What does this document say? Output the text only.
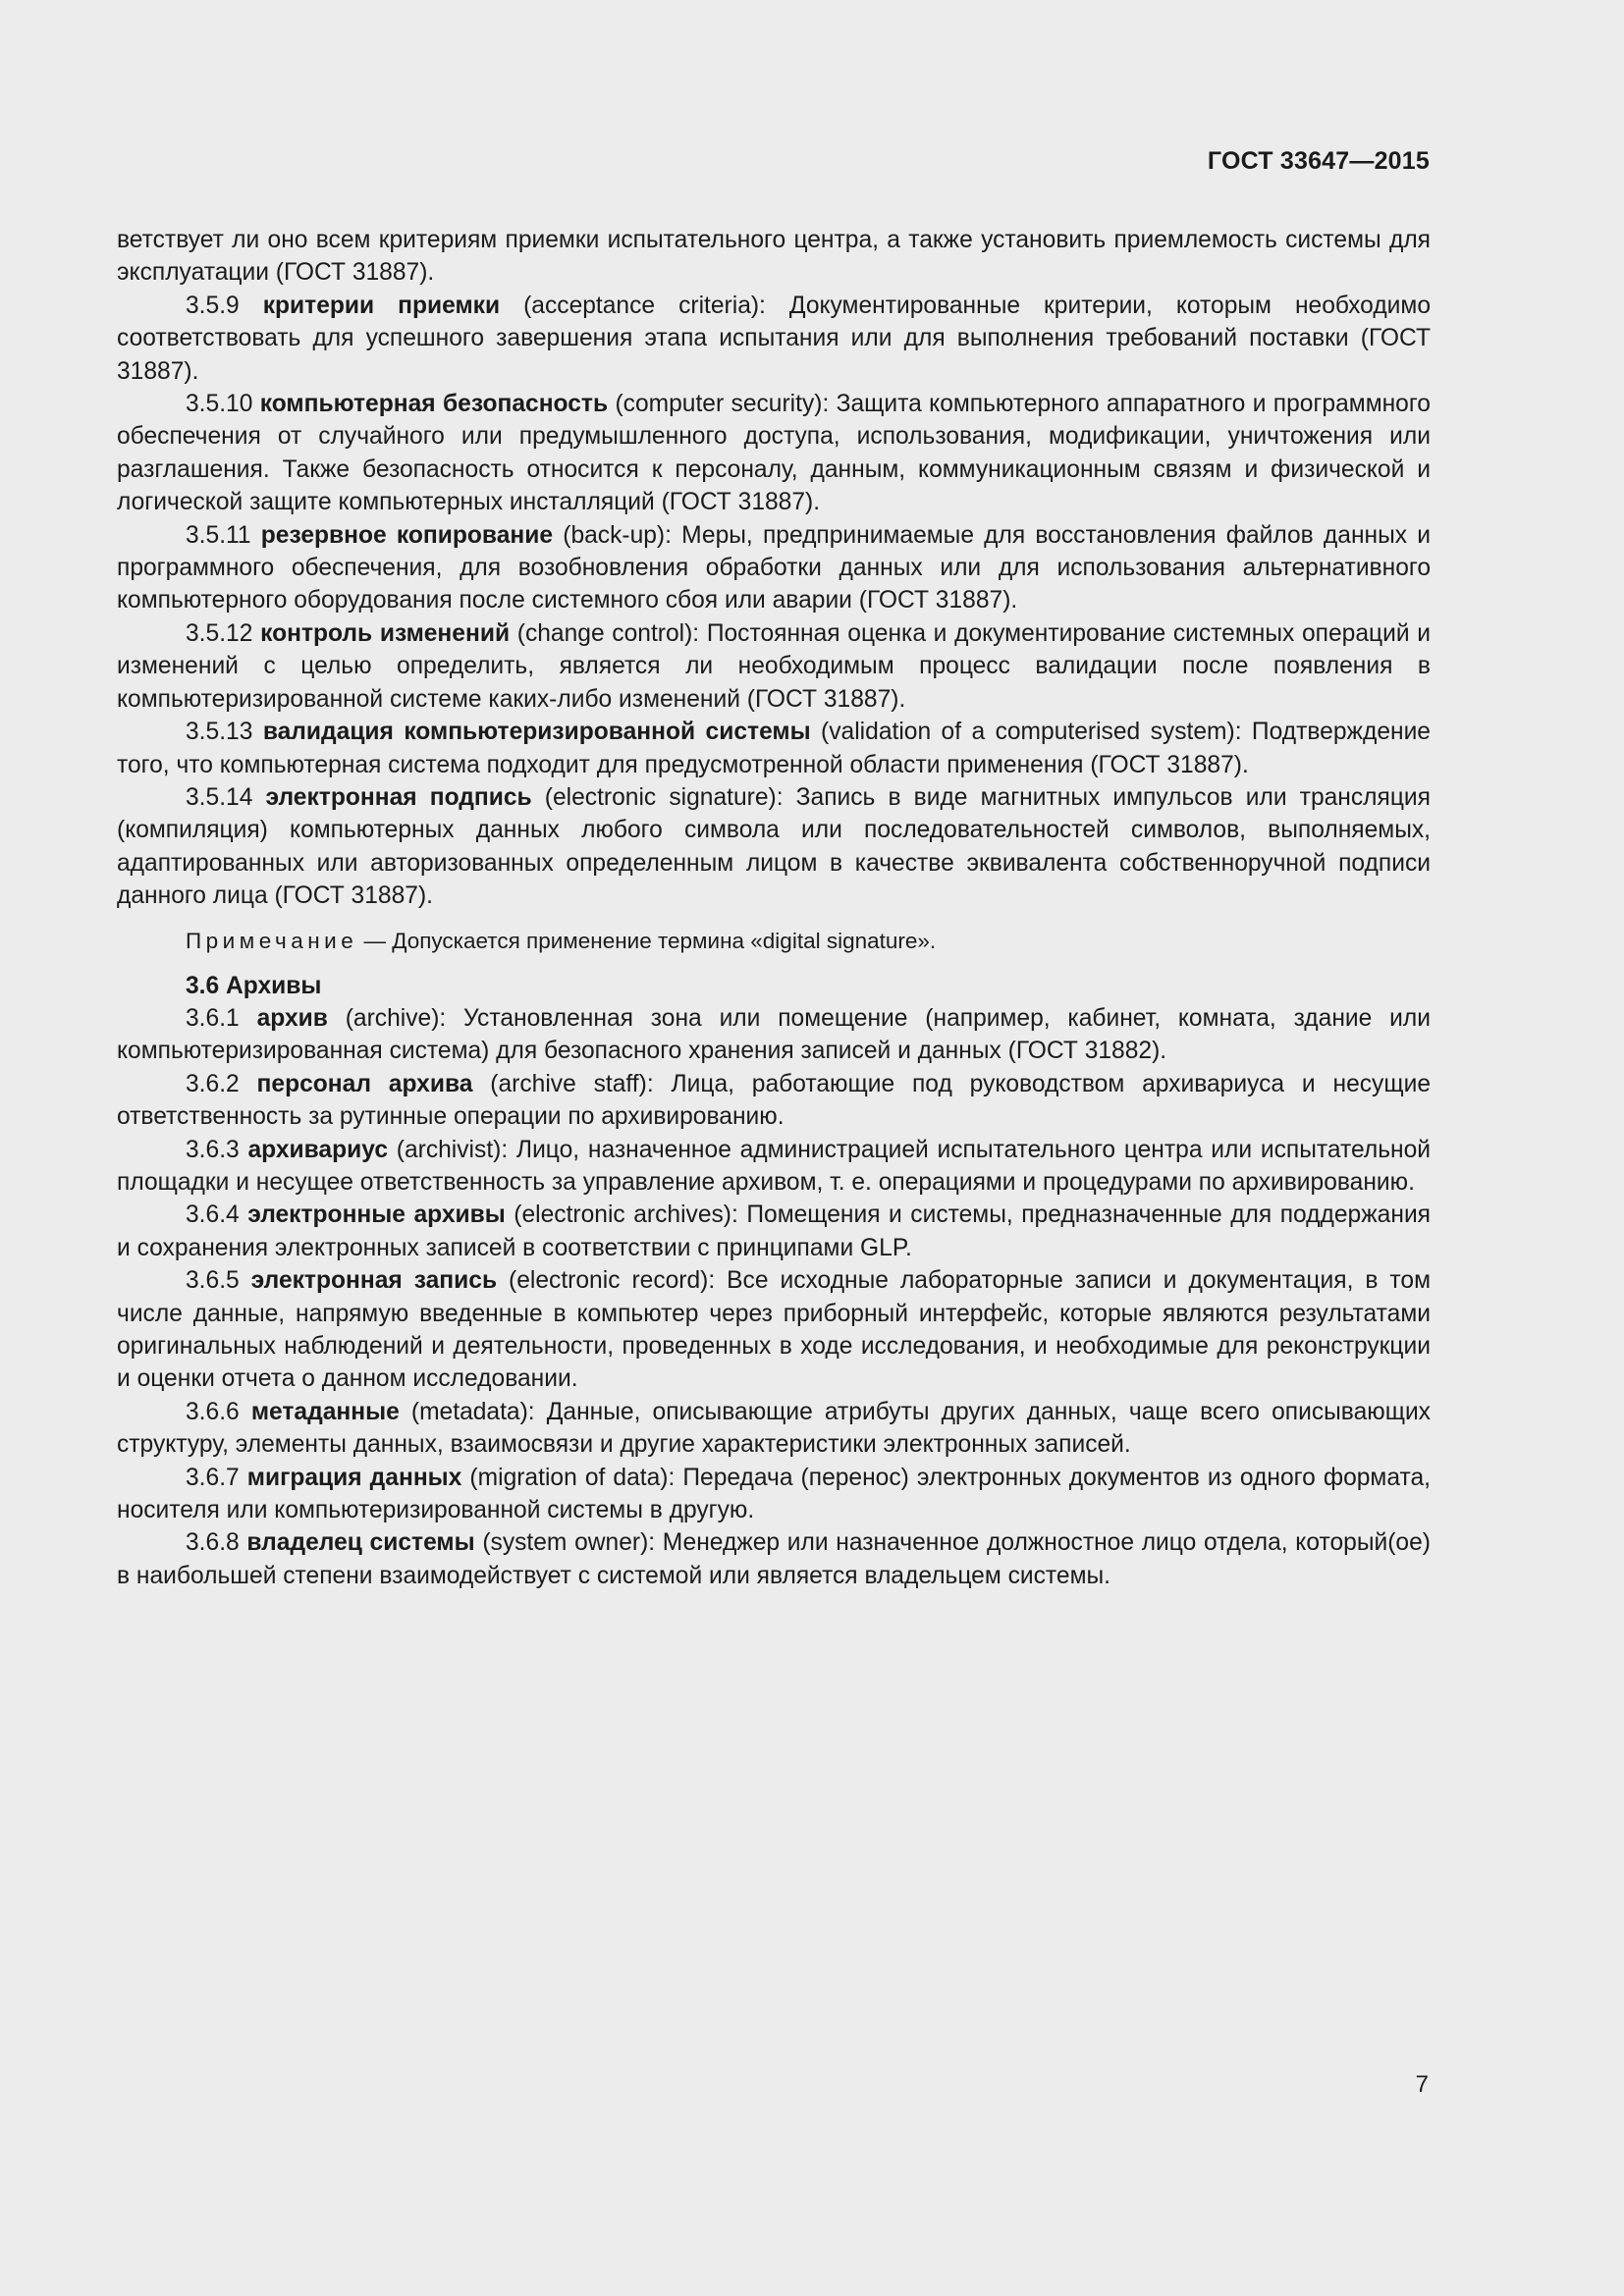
ГОСТ 33647—2015

ветствует ли оно всем критериям приемки испытательного центра, а также установить приемлемость системы для эксплуатации (ГОСТ 31887).

3.5.9 критерии приемки (acceptance criteria): Документированные критерии, которым необходимо соответствовать для успешного завершения этапа испытания или для выполнения требований поставки (ГОСТ 31887).

3.5.10 компьютерная безопасность (computer security): Защита компьютерного аппаратного и программного обеспечения от случайного или предумышленного доступа, использования, модификации, уничтожения или разглашения. Также безопасность относится к персоналу, данным, коммуникационным связям и физической и логической защите компьютерных инсталляций (ГОСТ 31887).

3.5.11 резервное копирование (back-up): Меры, предпринимаемые для восстановления файлов данных и программного обеспечения, для возобновления обработки данных или для использования альтернативного компьютерного оборудования после системного сбоя или аварии (ГОСТ 31887).

3.5.12 контроль изменений (change control): Постоянная оценка и документирование системных операций и изменений с целью определить, является ли необходимым процесс валидации после появления в компьютеризированной системе каких-либо изменений (ГОСТ 31887).

3.5.13 валидация компьютеризированной системы (validation of a computerised system): Подтверждение того, что компьютерная система подходит для предусмотренной области применения (ГОСТ 31887).

3.5.14 электронная подпись (electronic signature): Запись в виде магнитных импульсов или трансляция (компиляция) компьютерных данных любого символа или последовательностей символов, выполняемых, адаптированных или авторизованных определенным лицом в качестве эквивалента собственноручной подписи данного лица (ГОСТ 31887).

Примечание — Допускается применение термина «digital signature».

3.6 Архивы

3.6.1 архив (archive): Установленная зона или помещение (например, кабинет, комната, здание или компьютеризированная система) для безопасного хранения записей и данных (ГОСТ 31882).

3.6.2 персонал архива (archive staff): Лица, работающие под руководством архивариуса и несущие ответственность за рутинные операции по архивированию.

3.6.3 архивариус (archivist): Лицо, назначенное администрацией испытательного центра или испытательной площадки и несущее ответственность за управление архивом, т. е. операциями и процедурами по архивированию.

3.6.4 электронные архивы (electronic archives): Помещения и системы, предназначенные для поддержания и сохранения электронных записей в соответствии с принципами GLP.

3.6.5 электронная запись (electronic record): Все исходные лабораторные записи и документация, в том числе данные, напрямую введенные в компьютер через приборный интерфейс, которые являются результатами оригинальных наблюдений и деятельности, проведенных в ходе исследования, и необходимые для реконструкции и оценки отчета о данном исследовании.

3.6.6 метаданные (metadata): Данные, описывающие атрибуты других данных, чаще всего описывающих структуру, элементы данных, взаимосвязи и другие характеристики электронных записей.

3.6.7 миграция данных (migration of data): Передача (перенос) электронных документов из одного формата, носителя или компьютеризированной системы в другую.

3.6.8 владелец системы (system owner): Менеджер или назначенное должностное лицо отдела, который(ое) в наибольшей степени взаимодействует с системой или является владельцем системы.

7
